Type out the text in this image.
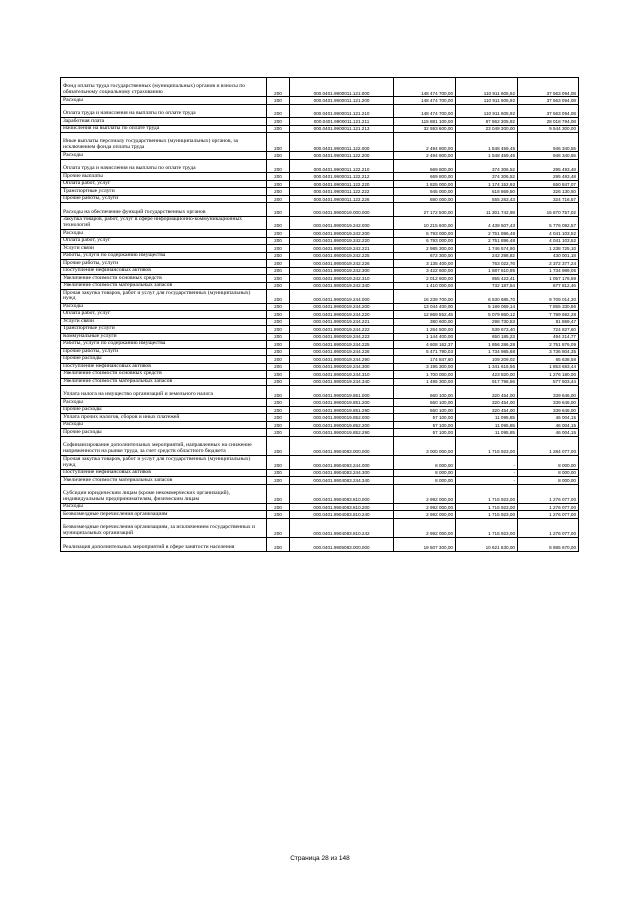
Фонд оплаты труда государственных (муниципальных) органов и взносы по обязательному социальному страхованию	200	000.0401.9900011.121.000	148 474 700,00	110 911 605,92	37 563 094,08
Расходы	200	000.0401.9900011.121.200	148 474 700,00	110 911 605,92	37 563 094,08
Оплата труда и начисления на выплаты по оплате труда	200	000.0401.9900011.121.210	148 474 700,00	110 911 605,92	37 563 094,08
Заработная плата	200	000.0401.9900011.121.211	115 881 100,00	87 862 305,92	28 018 794,08
Начисления на выплаты по оплате труда	200	000.0401.9900011.121.213	32 593 600,00	23 049 300,00	9 544 300,00
Иные выплаты персоналу государственных (муниципальных) органов, за исключением фонда оплаты труда	200	000.0401.9900011.122.000	2 494 800,00	1 548 459,45	946 340,55
Расходы	200	000.0401.9900011.122.200	2 494 800,00	1 548 459,45	946 340,55
Оплата труда и начисления на выплаты по оплате труда	200	000.0401.9900011.122.210	669 800,00	374 306,52	295 493,48
Прочие выплаты	200	000.0401.9900011.122.212	669 800,00	374 306,52	295 493,48
Оплата работ, услуг	200	000.0401.9900011.122.220	1 825 000,00	1 174 152,93	650 847,07
Транспортные услуги	200	000.0401.9900011.122.222	945 000,00	618 869,50	326 130,50
Прочие работы, услуги	200	000.0401.9900011.122.226	880 000,00	555 283,43	324 716,57
Расходы на обеспечение функций государственных органов	200	000.0401.9900019.000.000	27 172 500,00	11 301 742,98	15 870 757,02
Закупка товаров, работ, услуг в сфере информационно-коммуникационных технологий	200	000.0401.9900019.242.000	10 215 600,00	4 439 507,43	5 776 092,57
Расходы	200	000.0401.9900019.242.200	6 793 000,00	2 751 896,48	4 041 103,52
Оплата работ, услуг	200	000.0401.9900019.242.220	6 793 000,00	2 751 896,48	4 041 103,52
Услуги связи	200	000.0401.9900019.242.221	2 985 300,00	1 746 574,90	1 238 725,10
Работы, услуги по содержанию имущества	200	000.0401.9900019.242.225	672 300,00	242 298,82	430 001,18
Прочие работы, услуги	200	000.0401.9900019.242.226	3 135 400,00	763 022,76	2 372 377,24
Поступление нефинансовых активов	200	000.0401.9900019.242.300	3 422 600,00	1 687 610,95	1 734 989,05
Увеличение стоимости основных средств	200	000.0401.9900019.242.310	2 012 600,00	955 423,41	1 057 176,59
Увеличение стоимости материальных запасов	200	000.0401.9900019.242.340	1 410 000,00	732 187,54	677 812,46
Прочая закупка товаров, работ и услуг для государственных (муниципальных) нужд	200	000.0401.9900019.244.000	16 239 700,00	6 530 685,70	9 709 014,30
Расходы	200	000.0401.9900019.244.200	13 044 400,00	5 189 069,14	7 855 330,86
Оплата работ, услуг	200	000.0401.9900019.244.220	12 869 552,45	5 079 860,12	7 789 692,28
Услуги связи	200	000.0401.9900019.244.221	380 600,00	298 730,53	81 869,47
Транспортные услуги	200	000.0401.9900019.244.222	1 264 500,00	539 673,40	724 827,60
Коммунальные услуги	200	000.0401.9900019.244.223	1 144 400,00	650 185,23	494 214,77
Работы, услуги по содержанию имущества	200	000.0401.9900019.244.225	4 608 162,37	1 856 286,28	2 751 876,09
Прочие работы, услуги	200	000.0401.9900019.244.226	5 471 790,03	1 734 985,68	3 736 804,35
Прочие расходы	200	000.0401.9900019.244.290	174 847,60	109 209,02	65 638,58
Поступление нефинансовых активов	200	000.0401.9900019.244.300	3 195 300,00	1 341 616,56	1 853 683,44
Увеличение стоимости основных средств	200	000.0401.9900019.244.310	1 700 000,00	423 820,00	1 276 180,00
Увеличение стоимости материальных запасов	200	000.0401.9900019.244.340	1 495 300,00	917 796,56	577 503,44
Уплата налога на имущество организаций и земельного налога	200	000.0401.9900019.851.000	660 100,00	320 454,00	339 646,00
Расходы	200	000.0401.9900019.851.200	660 100,00	320 454,00	339 646,00
Прочие расходы	200	000.0401.9900019.851.290	660 100,00	320 454,00	339 646,00
Уплата прочих налогов, сборов и иных платежей	200	000.0401.9900019.852.000	57 100,00	11 095,85	46 004,15
Расходы	200	000.0401.9900019.852.200	57 100,00	11 095,85	46 004,15
Прочие расходы	200	000.0401.9900019.852.290	57 100,00	11 095,85	46 004,15
Софинансирование дополнительных мероприятий, направленных на снижение напряженности на рынке труда, за счет средств областного бюджета	200	000.0401.9904083.000.000	3 000 000,00	1 715 923,00	1 284 077,00
Прочая закупка товаров, работ и услуг для государственных (муниципальных) нужд	200	000.0401.9904083.244.000	8 000,00	-	8 000,00
Поступление нефинансовых активов	200	000.0401.9904083.244.300	8 000,00	-	8 000,00
Увеличение стоимости материальных запасов	200	000.0401.9904083.244.340	8 000,00	-	8 000,00
Субсидии юридическим лицам (кроме некоммерческих организаций), индивидуальным предпринимателям, физическим лицам	200	000.0401.9904083.810.000	2 992 000,00	1 715 923,00	1 276 077,00
Расходы	200	000.0401.9904083.810.200	2 992 000,00	1 715 923,00	1 276 077,00
Безвозмездные перечисления организациям	200	000.0401.9904083.810.240	2 992 000,00	1 715 923,00	1 276 077,00
Безвозмездные перечисления организациям, за исключением государственных и муниципальных организаций	200	000.0401.9904083.810.242	2 992 000,00	1 715 923,00	1 276 077,00
Реализация дополнительных мероприятий в сфере занятости населения	200	000.0401.9905083.000.000	19 507 300,00	10 621 630,00	8 885 670,00
Страница 28 из 148
